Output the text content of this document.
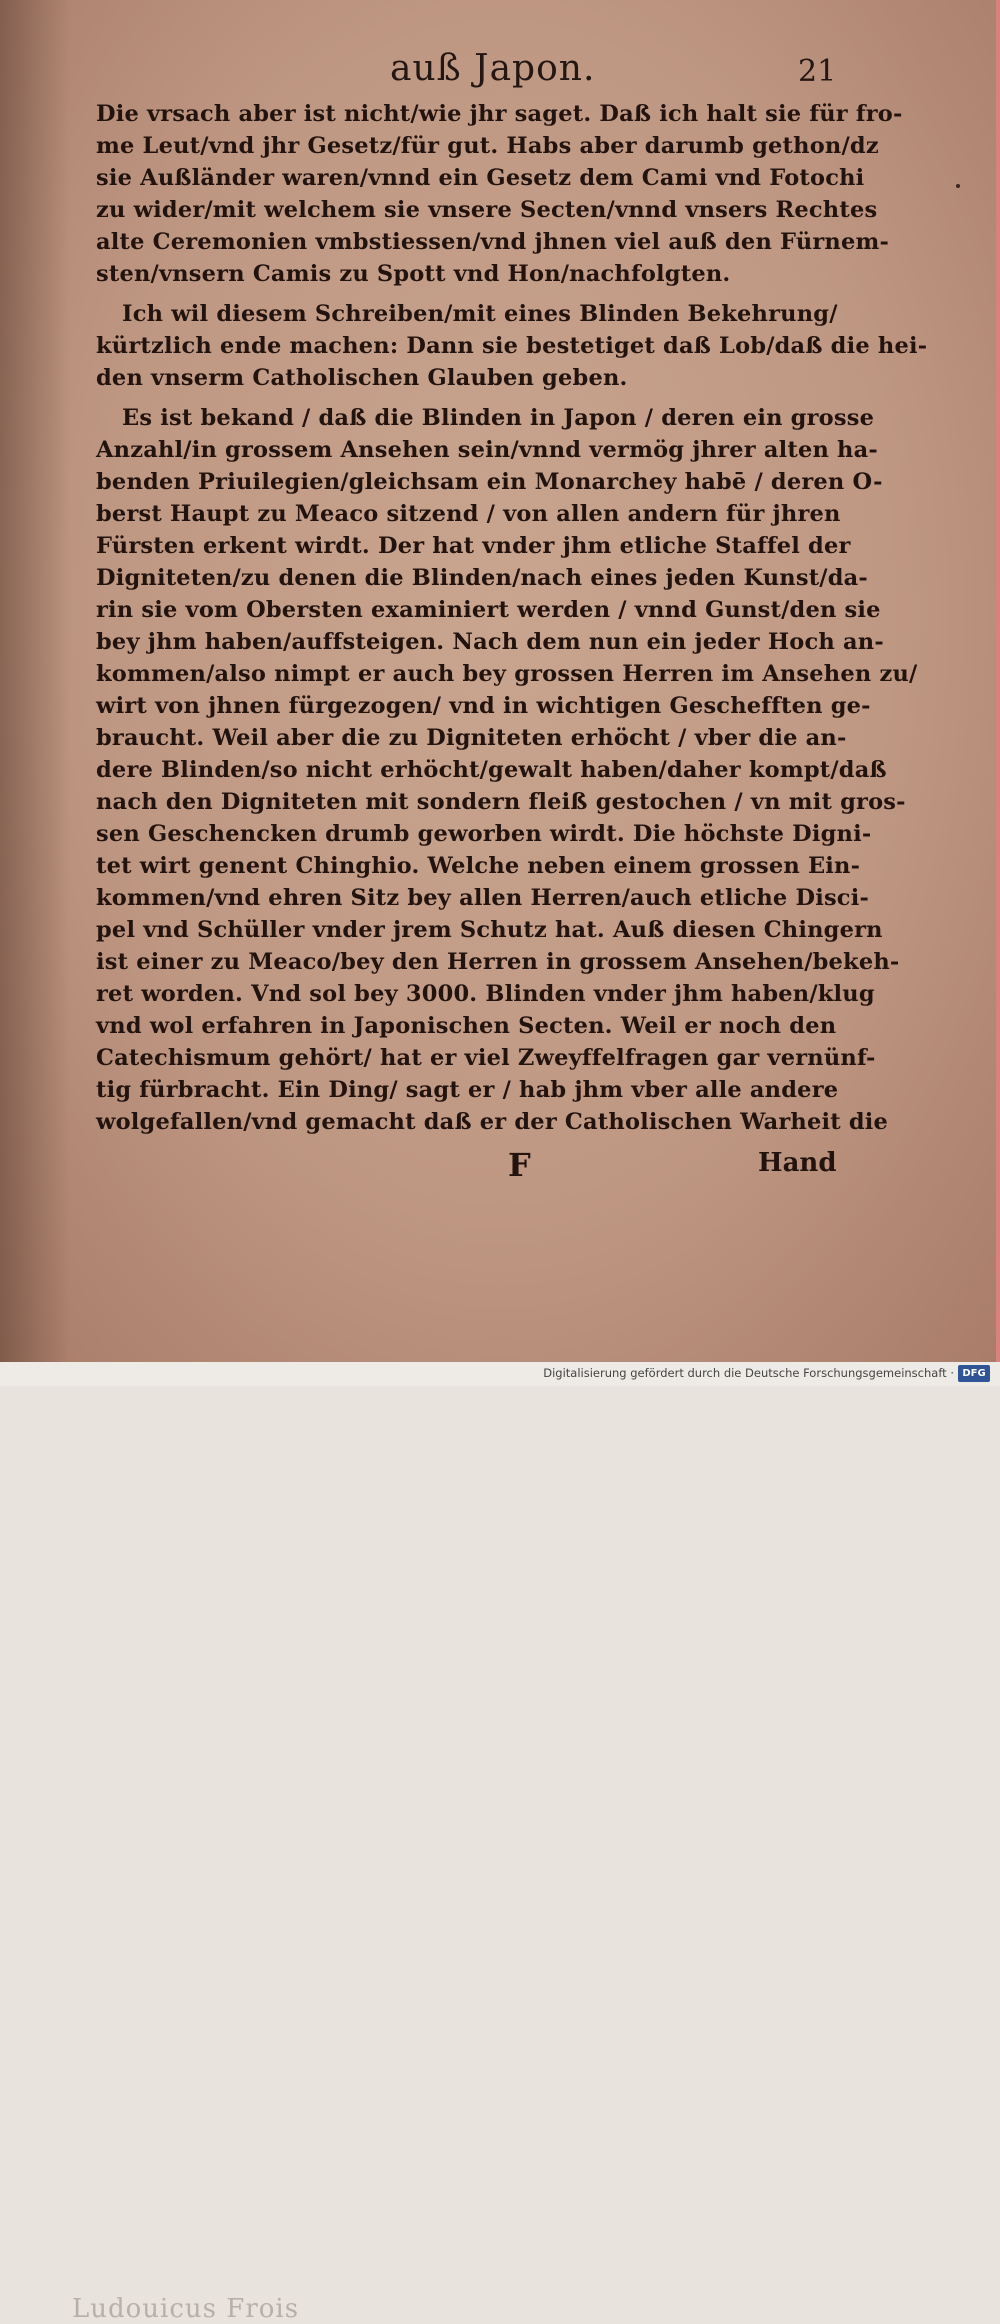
auß Japon.	21
Die vrsach aber ist nicht/wie jhr saget. Daß ich halt sie für fro-
me Leut/vnd jhr Gesetz/für gut. Habs aber darumb gethon/dz
sie Außländer waren/vnnd ein Gesetz dem Cami vnd Fotochi
zu wider/mit welchem sie vnsere Secten/vnnd vnsers Rechtes
alte Ceremonien vmbstiessen/vnd jhnen viel auß den Fürnem-
sten/vnsern Camis zu Spott vnd Hon/nachfolgten.
Ich wil diesem Schreiben/mit eines Blinden Bekehrung/
kürtzlich ende machen: Dann sie bestetiget daß Lob/daß die hei-
den vnserm Catholischen Glauben geben.
Es ist bekand / daß die Blinden in Japon / deren ein grosse
Anzahl/in grossem Ansehen sein/vnnd vermög jhrer alten ha-
benden Priuilegien/gleichsam ein Monarchey habē / deren O-
berst Haupt zu Meaco sitzend / von allen andern für jhren
Fürsten erkent wirdt. Der hat vnder jhm etliche Staffel der
Digniteten/zu denen die Blinden/nach eines jeden Kunst/da-
rin sie vom Obersten examiniert werden / vnnd Gunst/den sie
bey jhm haben/auffsteigen. Nach dem nun ein jeder Hoch an-
kommen/also nimpt er auch bey grossen Herren im Ansehen zu/
wirt von jhnen fürgezogen/ vnd in wichtigen Geschefften ge-
braucht. Weil aber die zu Digniteten erhöcht / vber die an-
dere Blinden/so nicht erhöcht/gewalt haben/daher kompt/daß
nach den Digniteten mit sondern fleiß gestochen / vn mit gros-
sen Geschencken drumb geworben wirdt. Die höchste Digni-
tet wirt genent Chinghio. Welche neben einem grossen Ein-
kommen/vnd ehren Sitz bey allen Herren/auch etliche Disci-
pel vnd Schüller vnder jrem Schutz hat. Auß diesen Chingern
ist einer zu Meaco/bey den Herren in grossem Ansehen/bekeh-
ret worden. Vnd sol bey 3000. Blinden vnder jhm haben/klug
vnd wol erfahren in Japonischen Secten. Weil er noch den
Catechismum gehört/ hat er viel Zweyffelfragen gar vernünf-
tig fürbracht. Ein Ding/ sagt er / hab jhm vber alle andere
wolgefallen/vnd gemacht daß er der Catholischen Warheit die
Ludouicus Frois
F	Hand
Digitalisierung gefördert durch die Deutsche Forschungsgemeinschaft · DFG
